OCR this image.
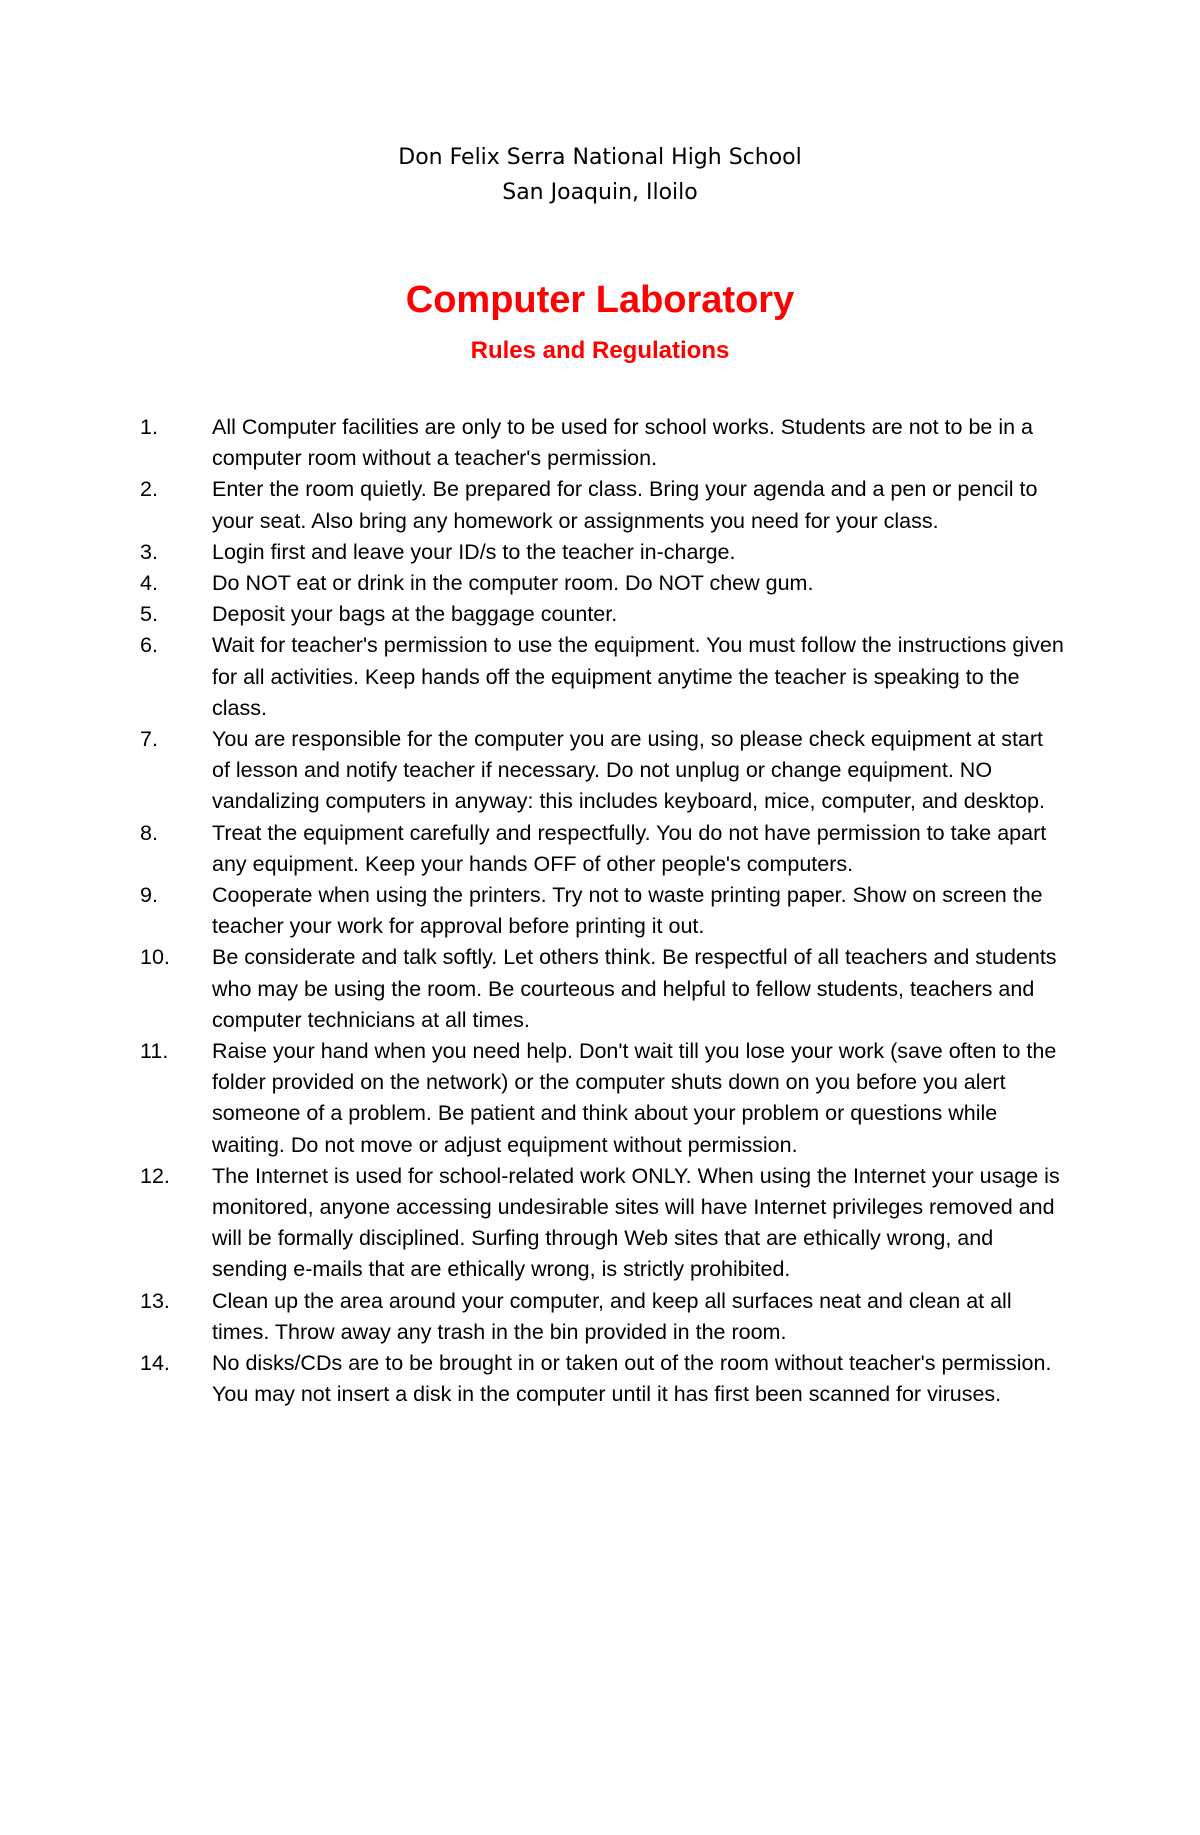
Don Felix Serra National High School
San Joaquin, Iloilo
Computer Laboratory
Rules and Regulations
1.	All Computer facilities are only to be used for school works. Students are not to be in a computer room without a teacher's permission.
2.	Enter the room quietly. Be prepared for class. Bring your agenda and a pen or pencil to your seat. Also bring any homework or assignments you need for your class.
3.	Login first and leave your ID/s to the teacher in-charge.
4.	Do NOT eat or drink in the computer room. Do NOT chew gum.
5.	Deposit your bags at the baggage counter.
6.	Wait for teacher's permission to use the equipment. You must follow the instructions given for all activities. Keep hands off the equipment anytime the teacher is speaking to the class.
7.	You are responsible for the computer you are using, so please check equipment at start of lesson and notify teacher if necessary. Do not unplug or change equipment. NO vandalizing computers in anyway: this includes keyboard, mice, computer, and desktop.
8.	Treat the equipment carefully and respectfully. You do not have permission to take apart any equipment. Keep your hands OFF of other people's computers.
9.	Cooperate when using the printers. Try not to waste printing paper. Show on screen the teacher your work for approval before printing it out.
10. Be considerate and talk softly. Let others think. Be respectful of all teachers and students who may be using the room. Be courteous and helpful to fellow students, teachers and computer technicians at all times.
11. Raise your hand when you need help. Don't wait till you lose your work (save often to the folder provided on the network) or the computer shuts down on you before you alert someone of a problem. Be patient and think about your problem or questions while waiting. Do not move or adjust equipment without permission.
12. The Internet is used for school-related work ONLY. When using the Internet your usage is monitored, anyone accessing undesirable sites will have Internet privileges removed and will be formally disciplined. Surfing through Web sites that are ethically wrong, and sending e-mails that are ethically wrong, is strictly prohibited.
13. Clean up the area around your computer, and keep all surfaces neat and clean at all times. Throw away any trash in the bin provided in the room.
14. No disks/CDs are to be brought in or taken out of the room without teacher's permission. You may not insert a disk in the computer until it has first been scanned for viruses.
